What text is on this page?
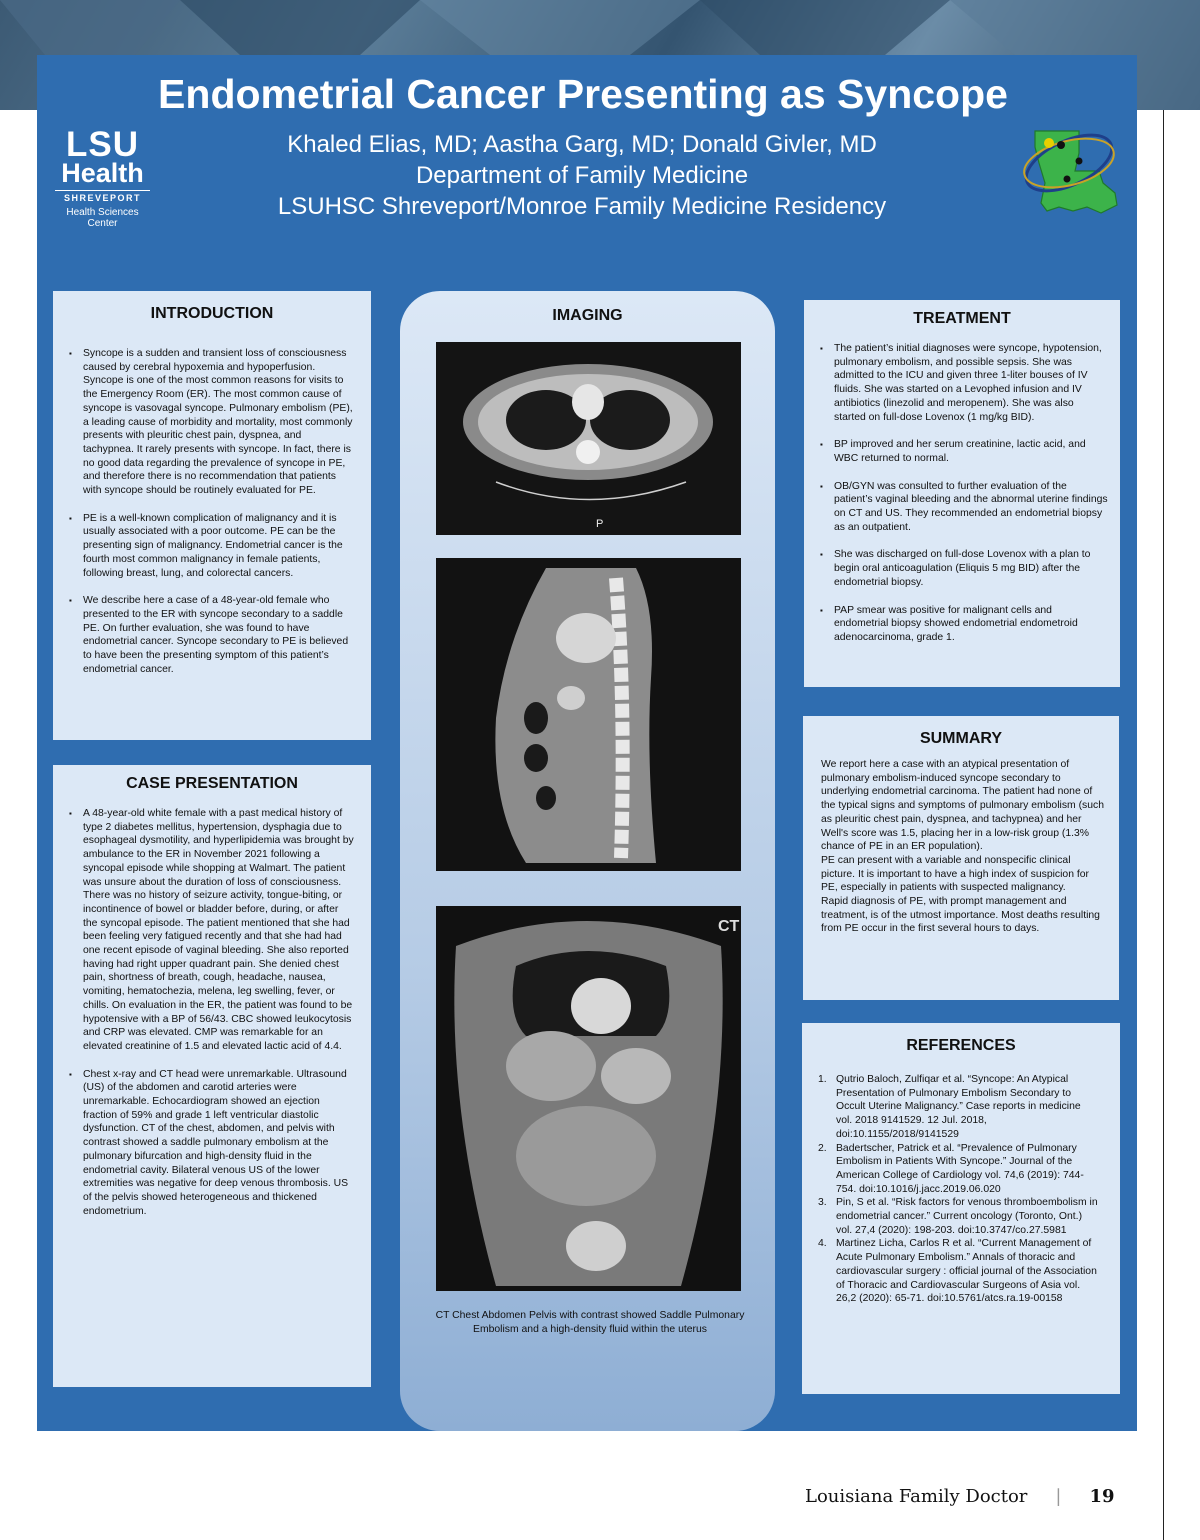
Endometrial Cancer Presenting as Syncope
LSU
Health
SHREVEPORT
Health Sciences
Center
Khaled Elias, MD; Aastha Garg, MD; Donald Givler, MD
Department of Family Medicine
LSUHSC Shreveport/Monroe Family Medicine Residency
INTRODUCTION
▪ Syncope is a sudden and transient loss of consciousness caused by cerebral hypoxemia and hypoperfusion. Syncope is one of the most common reasons for visits to the Emergency Room (ER). The most common cause of syncope is vasovagal syncope. Pulmonary embolism (PE), a leading cause of morbidity and mortality, most commonly presents with pleuritic chest pain, dyspnea, and tachypnea. It rarely presents with syncope. In fact, there is no good data regarding the prevalence of syncope in PE, and therefore there is no recommendation that patients with syncope should be routinely evaluated for PE.
▪ PE is a well-known complication of malignancy and it is usually associated with a poor outcome. PE can be the presenting sign of malignancy. Endometrial cancer is the fourth most common malignancy in female patients, following breast, lung, and colorectal cancers.
▪ We describe here a case of a 48-year-old female who presented to the ER with syncope secondary to a saddle PE. On further evaluation, she was found to have endometrial cancer. Syncope secondary to PE is believed to have been the presenting symptom of this patient’s endometrial cancer.
CASE PRESENTATION
▪ A 48-year-old white female with a past medical history of type 2 diabetes mellitus, hypertension, dysphagia due to esophageal dysmotility, and hyperlipidemia was brought by ambulance to the ER in November 2021 following a syncopal episode while shopping at Walmart. The patient was unsure about the duration of loss of consciousness. There was no history of seizure activity, tongue-biting, or incontinence of bowel or bladder before, during, or after the syncopal episode. The patient mentioned that she had been feeling very fatigued recently and that she had had one recent episode of vaginal bleeding. She also reported having had right upper quadrant pain. She denied chest pain, shortness of breath, cough, headache, nausea, vomiting, hematochezia, melena, leg swelling, fever, or chills. On evaluation in the ER, the patient was found to be hypotensive with a BP of 56/43. CBC showed leukocytosis and CRP was elevated. CMP was remarkable for an elevated creatinine of 1.5 and elevated lactic acid of 4.4.
▪ Chest x-ray and CT head were unremarkable. Ultrasound (US) of the abdomen and carotid arteries were unremarkable. Echocardiogram showed an ejection fraction of 59% and grade 1 left ventricular diastolic dysfunction. CT of the chest, abdomen, and pelvis with contrast showed a saddle pulmonary embolism at the pulmonary bifurcation and high-density fluid in the endometrial cavity. Bilateral venous US of the lower extremities was negative for deep venous thrombosis. US of the pelvis showed heterogeneous and thickened endometrium.
IMAGING
P
CT
CT Chest Abdomen Pelvis with contrast showed Saddle Pulmonary Embolism and a high-density fluid within the uterus
TREATMENT
▪ The patient’s initial diagnoses were syncope, hypotension, pulmonary embolism, and possible sepsis. She was admitted to the ICU and given three 1-liter bouses of IV fluids. She was started on a Levophed infusion and IV antibiotics (linezolid and meropenem). She was also started on full-dose Lovenox (1 mg/kg BID).
▪ BP improved and her serum creatinine, lactic acid, and WBC returned to normal.
▪ OB/GYN was consulted to further evaluation of the patient’s vaginal bleeding and the abnormal uterine findings on CT and US. They recommended an endometrial biopsy as an outpatient.
▪ She was discharged on full-dose Lovenox with a plan to begin oral anticoagulation (Eliquis 5 mg BID) after the endometrial biopsy.
▪ PAP smear was positive for malignant cells and endometrial biopsy showed endometrial endometroid adenocarcinoma, grade 1.
SUMMARY
We report here a case with an atypical presentation of pulmonary embolism-induced syncope secondary to underlying endometrial carcinoma. The patient had none of the typical signs and symptoms of pulmonary embolism (such as pleuritic chest pain, dyspnea, and tachypnea) and her Well's score was 1.5, placing her in a low-risk group (1.3% chance of PE in an ER population).
PE can present with a variable and nonspecific clinical picture. It is important to have a high index of suspicion for PE, especially in patients with suspected malignancy.
Rapid diagnosis of PE, with prompt management and treatment, is of the utmost importance. Most deaths resulting from PE occur in the first several hours to days.
REFERENCES
1. Qutrio Baloch, Zulfiqar et al. “Syncope: An Atypical Presentation of Pulmonary Embolism Secondary to Occult Uterine Malignancy.” Case reports in medicine vol. 2018 9141529. 12 Jul. 2018, doi:10.1155/2018/9141529
2. Badertscher, Patrick et al. “Prevalence of Pulmonary Embolism in Patients With Syncope.” Journal of the American College of Cardiology vol. 74,6 (2019): 744-754. doi:10.1016/j.jacc.2019.06.020
3. Pin, S et al. “Risk factors for venous thromboembolism in endometrial cancer.” Current oncology (Toronto, Ont.) vol. 27,4 (2020): 198-203. doi:10.3747/co.27.5981
4. Martinez Licha, Carlos R et al. “Current Management of Acute Pulmonary Embolism.” Annals of thoracic and cardiovascular surgery : official journal of the Association of Thoracic and Cardiovascular Surgeons of Asia vol. 26,2 (2020): 65-71. doi:10.5761/atcs.ra.19-00158
Louisiana Family Doctor | 19
